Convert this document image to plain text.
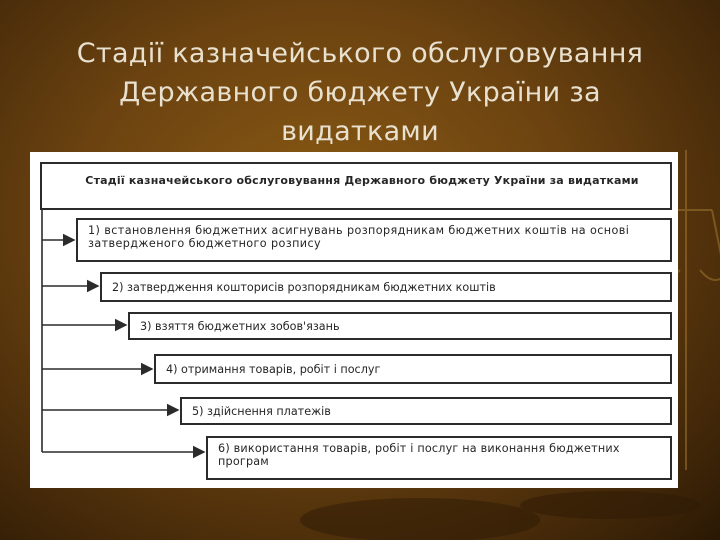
Стадії казначейського обслуговування
Державного бюджету України за
видатками
Стадії казначейського обслуговування Державного бюджету України за видатками
1) встановлення бюджетних асигнувань розпорядникам бюджетних коштів на основі затвердженого бюджетного розпису
2) затвердження кошторисів розпорядникам бюджетних коштів
3) взяття бюджетних зобов'язань
4) отримання товарів, робіт і послуг
5) здійснення платежів
6) використання товарів, робіт і послуг на виконання бюджетних програм
